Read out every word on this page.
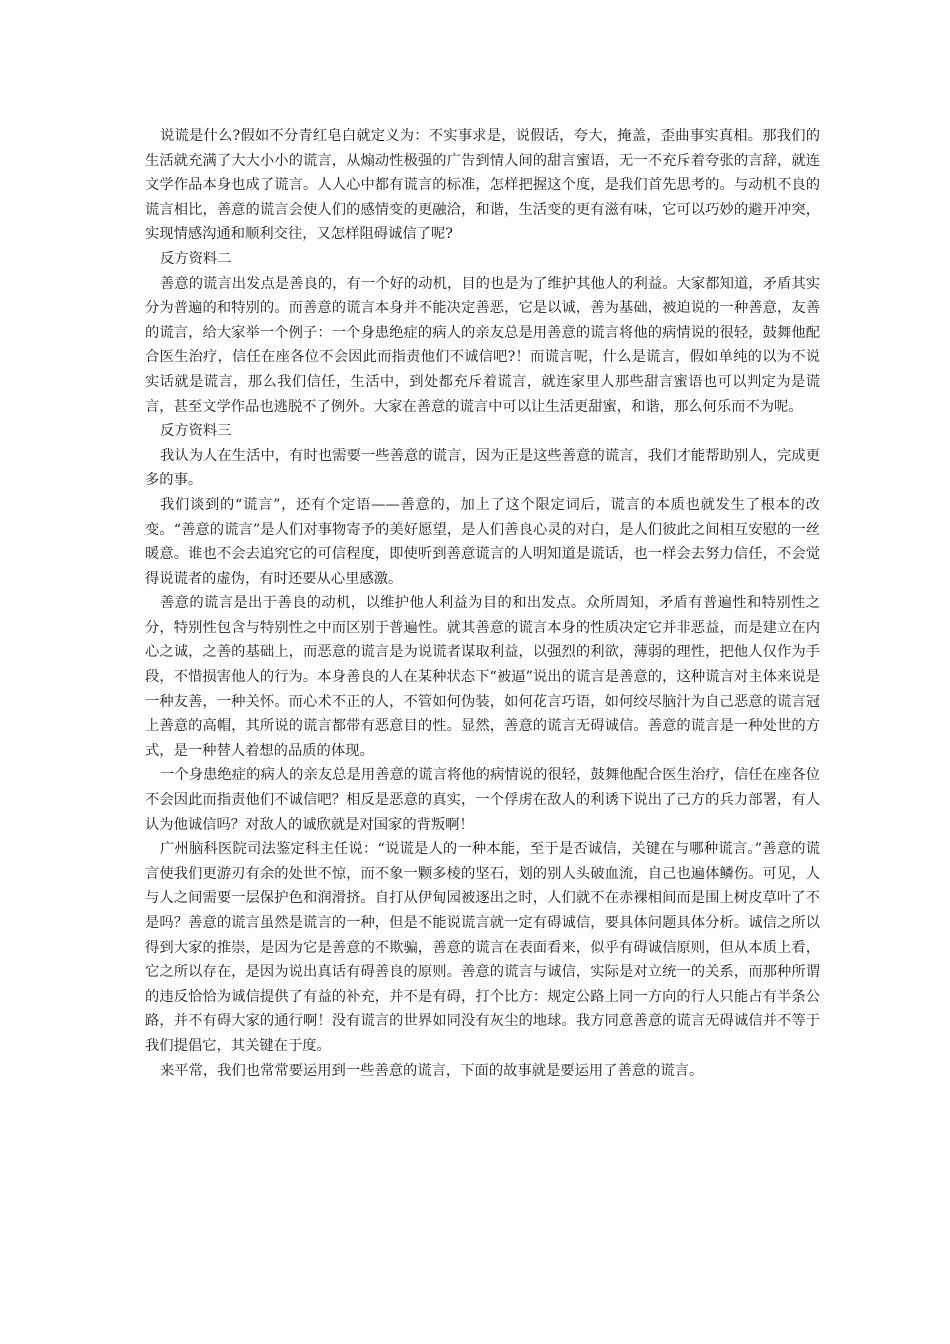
说谎是什么?假如不分青红皂白就定义为：不实事求是，说假话，夸大，掩盖，歪曲事实真相。那我们的生活就充满了大大小小的谎言，从煽动性极强的广告到情人间的甜言蜜语，无一不充斥着夸张的言辞，就连文学作品本身也成了谎言。人人心中都有谎言的标准，怎样把握这个度，是我们首先思考的。与动机不良的谎言相比，善意的谎言会使人们的感情变的更融洽，和谐，生活变的更有滋有味，它可以巧妙的避开冲突，实现情感沟通和顺利交往，又怎样阻碍诚信了呢?

反方资料二

善意的谎言出发点是善良的，有一个好的动机，目的也是为了维护其他人的利益。大家都知道，矛盾其实分为普遍的和特别的。而善意的谎言本身并不能决定善恶，它是以诚，善为基础，被迫说的一种善意，友善的谎言，给大家举一个例子：一个身患绝症的病人的亲友总是用善意的谎言将他的病情说的很轻，鼓舞他配合医生治疗，信任在座各位不会因此而指责他们不诚信吧?！而谎言呢，什么是谎言，假如单纯的以为不说实话就是谎言，那么我们信任，生活中，到处都充斥着谎言，就连家里人那些甜言蜜语也可以判定为是谎言，甚至文学作品也逃脱不了例外。大家在善意的谎言中可以让生活更甜蜜，和谐，那么何乐而不为呢。

反方资料三

我认为人在生活中，有时也需要一些善意的谎言，因为正是这些善意的谎言，我们才能帮助别人，完成更多的事。

我们谈到的“谎言”，还有个定语——善意的，加上了这个限定词后，谎言的本质也就发生了根本的改变。“善意的谎言”是人们对事物寄予的美好愿望，是人们善良心灵的对白，是人们彼此之间相互安慰的一丝暖意。谁也不会去追究它的可信程度，即使听到善意谎言的人明知道是谎话，也一样会去努力信任，不会觉得说谎者的虚伪，有时还要从心里感激。

善意的谎言是出于善良的动机，以维护他人利益为目的和出发点。众所周知，矛盾有普遍性和特别性之分，特别性包含与特别性之中而区别于普遍性。就其善意的谎言本身的性质决定它并非恶益，而是建立在内心之诚，之善的基础上，而恶意的谎言是为说谎者谋取利益，以强烈的利欲，薄弱的理性，把他人仅作为手段，不惜损害他人的行为。本身善良的人在某种状态下“被逼”说出的谎言是善意的，这种谎言对主体来说是一种友善，一种关怀。而心术不正的人，不管如何伪装，如何花言巧语，如何绞尽脑汁为自己恶意的谎言冠上善意的高帽，其所说的谎言都带有恶意目的性。显然，善意的谎言无碍诚信。善意的谎言是一种处世的方式，是一种替人着想的品质的体现。

一个身患绝症的病人的亲友总是用善意的谎言将他的病情说的很轻，鼓舞他配合医生治疗，信任在座各位不会因此而指责他们不诚信吧？相反是恶意的真实，一个俘虏在敌人的利诱下说出了己方的兵力部署，有人认为他诚信吗？对敌人的诚欣就是对国家的背叛啊！

广州脑科医院司法鉴定科主任说：“说谎是人的一种本能，至于是否诚信，关键在与哪种谎言。”善意的谎言使我们更游刃有余的处世不惊，而不象一颗多棱的坚石，划的别人头破血流，自己也遍体鳞伤。可见，人与人之间需要一层保护色和润滑挤。自打从伊甸园被逐出之时，人们就不在赤裸相间而是围上树皮草叶了不是吗？善意的谎言虽然是谎言的一种，但是不能说谎言就一定有碍诚信，要具体问题具体分析。诚信之所以得到大家的推崇，是因为它是善意的不欺骗，善意的谎言在表面看来，似乎有碍诚信原则，但从本质上看，它之所以存在，是因为说出真话有碍善良的原则。善意的谎言与诚信，实际是对立统一的关系，而那种所谓的违反恰恰为诚信提供了有益的补充，并不是有碍，打个比方：规定公路上同一方向的行人只能占有半条公路，并不有碍大家的通行啊！没有谎言的世界如同没有灰尘的地球。我方同意善意的谎言无碍诚信并不等于我们提倡它，其关键在于度。

来平常，我们也常常要运用到一些善意的谎言，下面的故事就是要运用了善意的谎言。
